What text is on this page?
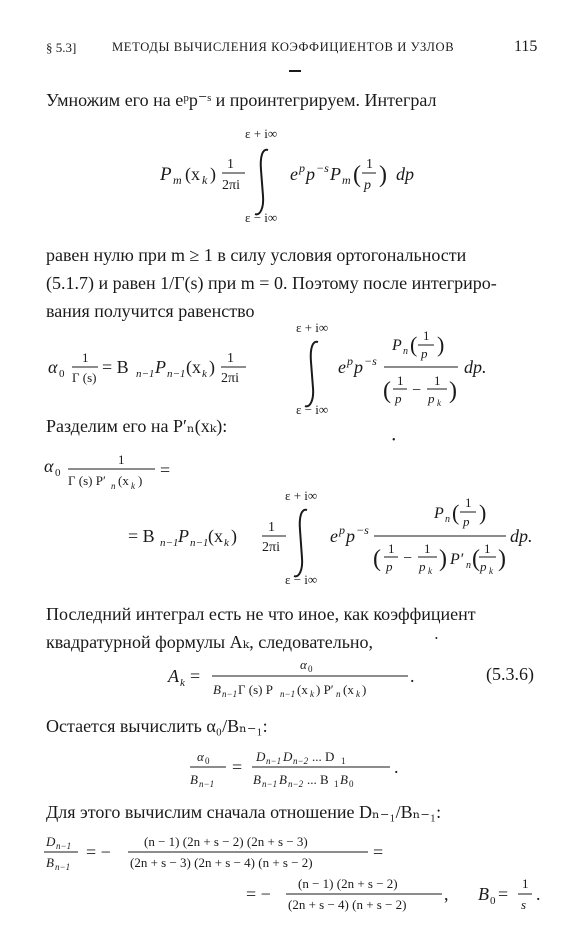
§ 5.3]	МЕТОДЫ ВЫЧИСЛЕНИЯ КОЭФФИЦИЕНТОВ И УЗЛОВ	115
Умножим его на eᵖp⁻ˢ и проинтегрируем. Интеграл
ε + i∞
P m (x k ) 1
2πi
e p p −s P m ( 1
p ) dp
ε − i∞
равен нулю при m ≥ 1 в силу условия ортогональности
(5.1.7) и равен 1/Γ(s) при m = 0. Поэтому после интегриро-
вания получится равенство
ε + i∞
α 0
1
Γ (s)
= B n−1 P n−1 (x k ) 1
2πi
e p p −s
P n ( 1
p )
( 1
p −
1
p k )
dp.
ε − i∞
Разделим его на P′ₙ(xₖ):
•
α 0
1
Γ (s) P′ n (x k )
=
ε + i∞
= B n−1 P n−1 (x k ) 1
2πi
e p p −s
P n ( 1
p )
( 1
p −
1
p k ) P′ n ( 1
p k )
dp.
ε − i∞
Последний интеграл есть не что иное, как коэффициент
квадратурной формулы Aₖ, следовательно,	•
A k =
α 0
B n−1 Γ (s) P n−1 (x k ) P′ n (x k )
.	(5.3.6)
Остается вычислить α₀/Bₙ₋₁:
α 0
B n−1
=
D n−1 D n−2 ... D 1
B n−1 B n−2 ... B 1 B 0
.
Для этого вычислим сначала отношение Dₙ₋₁/Bₙ₋₁:
D n−1
B n−1
= −
(n − 1) (2n + s − 2) (2n + s − 3)
(2n + s − 3) (2n + s − 4) (n + s − 2)
=
= −
(n − 1) (2n + s − 2)
(2n + s − 4) (n + s − 2)
, B 0 =
1
s
.
